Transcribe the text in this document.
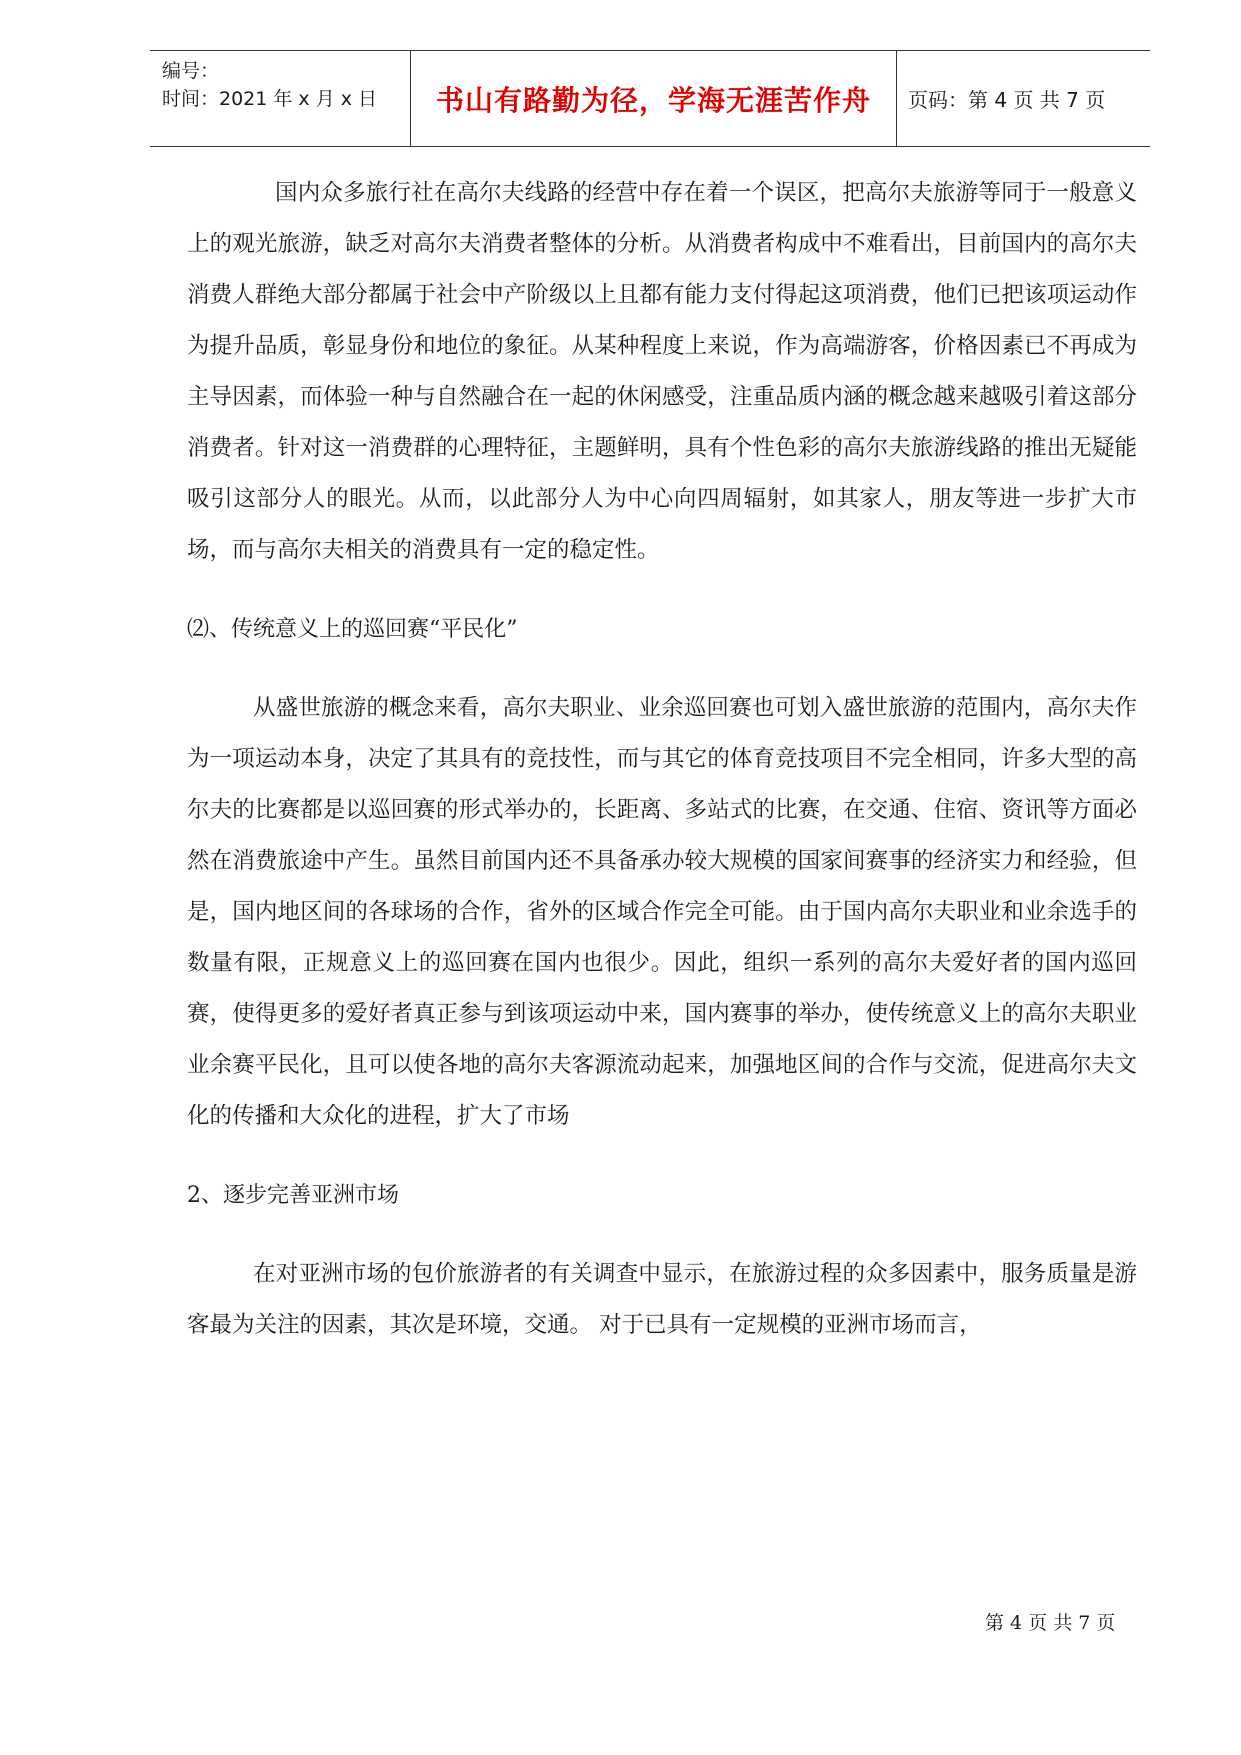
编号：
时间：2021 年 x 月 x 日 书山有路勤为径，学海无涯苦作舟 页码：第 4 页 共 7 页

国内众多旅行社在高尔夫线路的经营中存在着一个误区，把高尔夫旅游等同于一般意义上的观光旅游，缺乏对高尔夫消费者整体的分析。从消费者构成中不难看出，目前国内的高尔夫消费人群绝大部分都属于社会中产阶级以上且都有能力支付得起这项消费，他们已把该项运动作为提升品质，彰显身份和地位的象征。从某种程度上来说，作为高端游客，价格因素已不再成为主导因素，而体验一种与自然融合在一起的休闲感受，注重品质内涵的概念越来越吸引着这部分消费者。针对这一消费群的心理特征，主题鲜明，具有个性色彩的高尔夫旅游线路的推出无疑能吸引这部分人的眼光。从而，以此部分人为中心向四周辐射，如其家人，朋友等进一步扩大市场，而与高尔夫相关的消费具有一定的稳定性。

⑵、传统意义上的巡回赛“平民化”

从盛世旅游的概念来看，高尔夫职业、业余巡回赛也可划入盛世旅游的范围内，高尔夫作为一项运动本身，决定了其具有的竞技性，而与其它的体育竞技项目不完全相同，许多大型的高尔夫的比赛都是以巡回赛的形式举办的，长距离、多站式的比赛，在交通、住宿、资讯等方面必然在消费旅途中产生。虽然目前国内还不具备承办较大规模的国家间赛事的经济实力和经验，但是，国内地区间的各球场的合作，省外的区域合作完全可能。由于国内高尔夫职业和业余选手的数量有限，正规意义上的巡回赛在国内也很少。因此，组织一系列的高尔夫爱好者的国内巡回赛，使得更多的爱好者真正参与到该项运动中来，国内赛事的举办，使传统意义上的高尔夫职业业余赛平民化，且可以使各地的高尔夫客源流动起来，加强地区间的合作与交流，促进高尔夫文化的传播和大众化的进程，扩大了市场

2、逐步完善亚洲市场

在对亚洲市场的包价旅游者的有关调查中显示，在旅游过程的众多因素中，服务质量是游客最为关注的因素，其次是环境，交通。 对于已具有一定规模的亚洲市场而言，

第 4 页 共 7 页
